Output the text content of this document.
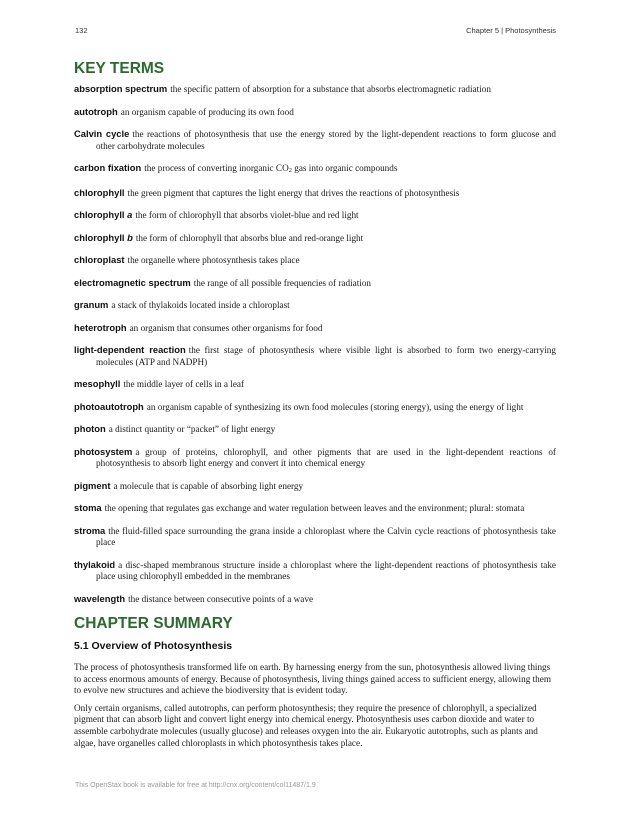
132	Chapter 5 | Photosynthesis
KEY TERMS

absorption spectrum the specific pattern of absorption for a substance that absorbs electromagnetic radiation

autotroph an organism capable of producing its own food

Calvin cycle the reactions of photosynthesis that use the energy stored by the light-dependent reactions to form glucose and other carbohydrate molecules

carbon fixation the process of converting inorganic CO2 gas into organic compounds

chlorophyll the green pigment that captures the light energy that drives the reactions of photosynthesis

chlorophyll a the form of chlorophyll that absorbs violet-blue and red light

chlorophyll b the form of chlorophyll that absorbs blue and red-orange light

chloroplast the organelle where photosynthesis takes place

electromagnetic spectrum the range of all possible frequencies of radiation

granum a stack of thylakoids located inside a chloroplast

heterotroph an organism that consumes other organisms for food

light-dependent reaction the first stage of photosynthesis where visible light is absorbed to form two energy-carrying molecules (ATP and NADPH)

mesophyll the middle layer of cells in a leaf

photoautotroph an organism capable of synthesizing its own food molecules (storing energy), using the energy of light

photon a distinct quantity or “packet” of light energy

photosystem a group of proteins, chlorophyll, and other pigments that are used in the light-dependent reactions of photosynthesis to absorb light energy and convert it into chemical energy

pigment a molecule that is capable of absorbing light energy

stoma the opening that regulates gas exchange and water regulation between leaves and the environment; plural: stomata

stroma the fluid-filled space surrounding the grana inside a chloroplast where the Calvin cycle reactions of photosynthesis take place

thylakoid a disc-shaped membranous structure inside a chloroplast where the light-dependent reactions of photosynthesis take place using chlorophyll embedded in the membranes

wavelength the distance between consecutive points of a wave

CHAPTER SUMMARY
5.1 Overview of Photosynthesis

The process of photosynthesis transformed life on earth. By harnessing energy from the sun, photosynthesis allowed living things to access enormous amounts of energy. Because of photosynthesis, living things gained access to sufficient energy, allowing them to evolve new structures and achieve the biodiversity that is evident today.

Only certain organisms, called autotrophs, can perform photosynthesis; they require the presence of chlorophyll, a specialized pigment that can absorb light and convert light energy into chemical energy. Photosynthesis uses carbon dioxide and water to assemble carbohydrate molecules (usually glucose) and releases oxygen into the air. Eukaryotic autotrophs, such as plants and algae, have organelles called chloroplasts in which photosynthesis takes place.

This OpenStax book is available for free at http://cnx.org/content/col11487/1.9
